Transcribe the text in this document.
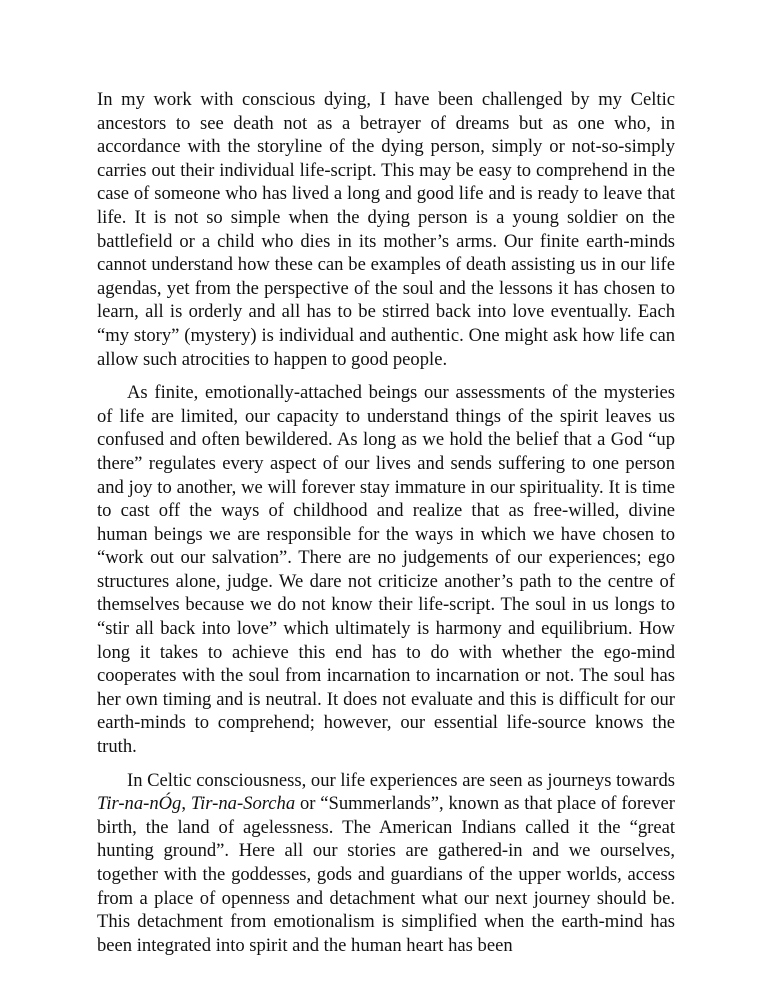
In my work with conscious dying, I have been challenged by my Celtic ancestors to see death not as a betrayer of dreams but as one who, in accordance with the storyline of the dying person, simply or not-so-simply carries out their individual life-script. This may be easy to comprehend in the case of someone who has lived a long and good life and is ready to leave that life. It is not so simple when the dying person is a young soldier on the battlefield or a child who dies in its mother’s arms. Our finite earth-minds cannot understand how these can be examples of death assisting us in our life agendas, yet from the perspective of the soul and the lessons it has chosen to learn, all is orderly and all has to be stirred back into love eventually. Each “my story” (mystery) is individual and authentic. One might ask how life can allow such atrocities to happen to good people.

As finite, emotionally-attached beings our assessments of the mysteries of life are limited, our capacity to understand things of the spirit leaves us confused and often bewildered. As long as we hold the belief that a God “up there” regulates every aspect of our lives and sends suffering to one person and joy to another, we will forever stay immature in our spirituality. It is time to cast off the ways of childhood and realize that as free-willed, divine human beings we are responsible for the ways in which we have chosen to “work out our salvation”. There are no judgements of our experiences; ego structures alone, judge. We dare not criticize another’s path to the centre of themselves because we do not know their life-script. The soul in us longs to “stir all back into love” which ultimately is harmony and equilibrium. How long it takes to achieve this end has to do with whether the ego-mind cooperates with the soul from incarnation to incarnation or not. The soul has her own timing and is neutral. It does not evaluate and this is difficult for our earth-minds to comprehend; however, our essential life-source knows the truth.

In Celtic consciousness, our life experiences are seen as journeys towards Tir-na-nÓg, Tir-na-Sorcha or “Summerlands”, known as that place of forever birth, the land of agelessness. The American Indians called it the “great hunting ground”. Here all our stories are gathered-in and we ourselves, together with the goddesses, gods and guardians of the upper worlds, access from a place of openness and detachment what our next journey should be. This detachment from emotionalism is simplified when the earth-mind has been integrated into spirit and the human heart has been
